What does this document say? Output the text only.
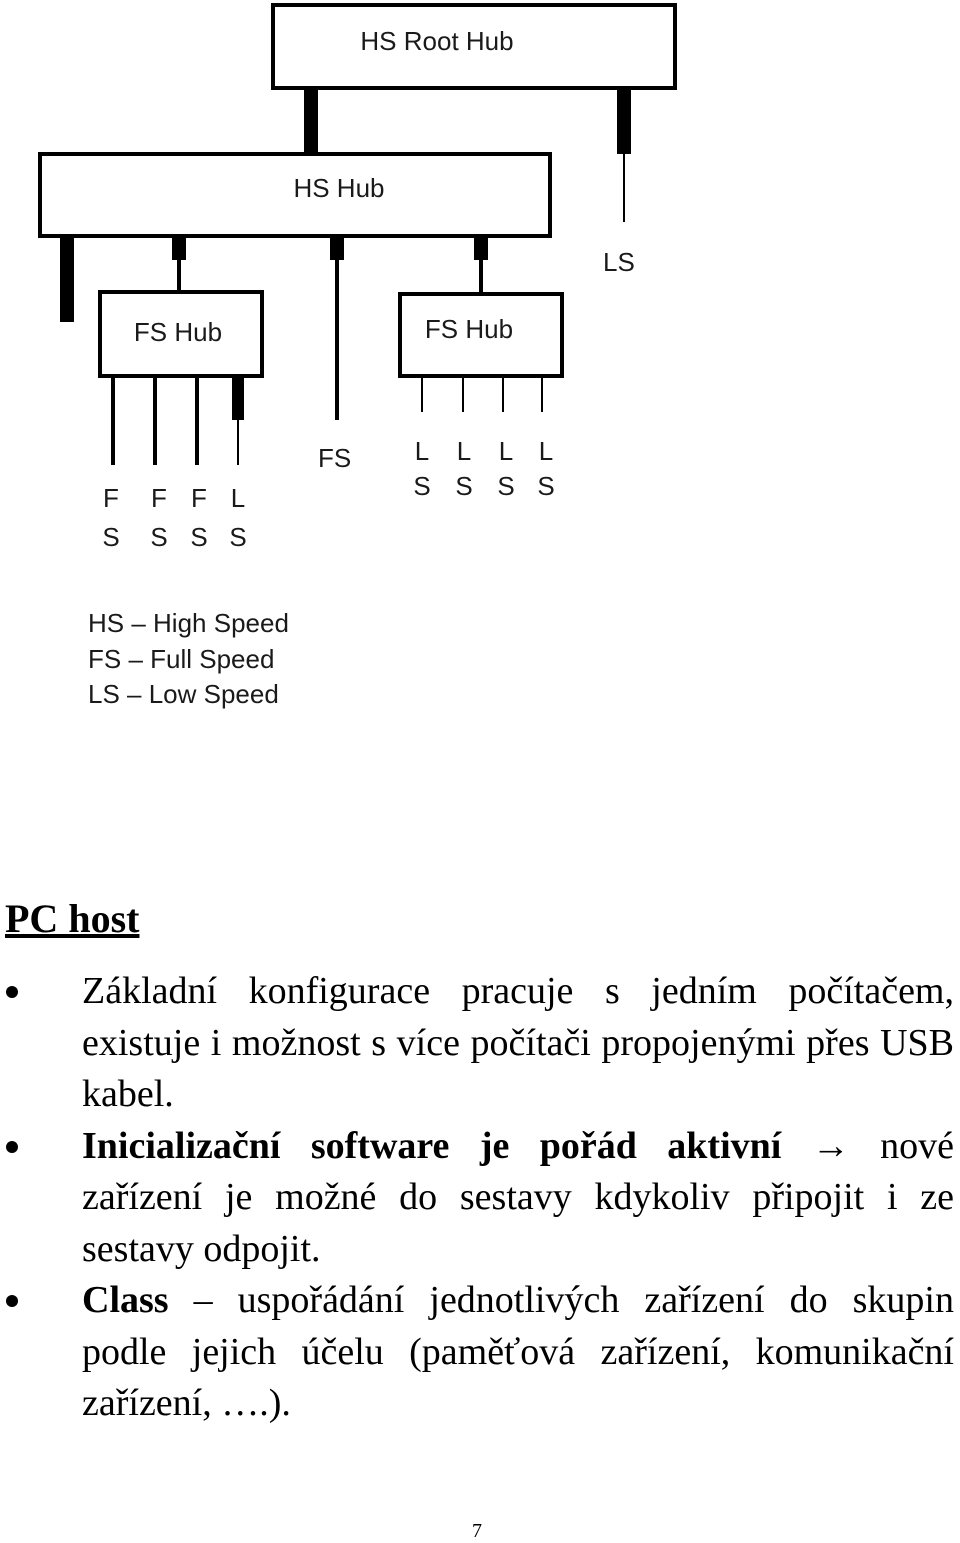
HS Root Hub
LS
HS Hub
FS
FS Hub
F
S
F
S
F
S
L
S
FS Hub
L
S
L
S
L
S
L
S
HS – High Speed
FS – Full Speed
LS – Low Speed
PC host
Základní konfigurace pracuje s jedním počítačem, existuje i možnost s více počítači propojenými přes USB kabel.
Inicializační software je pořád aktivní → nové zařízení je možné do sestavy kdykoliv připojit i ze sestavy odpojit.
Class – uspořádání jednotlivých zařízení do skupin podle jejich účelu (paměťová zařízení, komunikační zařízení, ….).
7
